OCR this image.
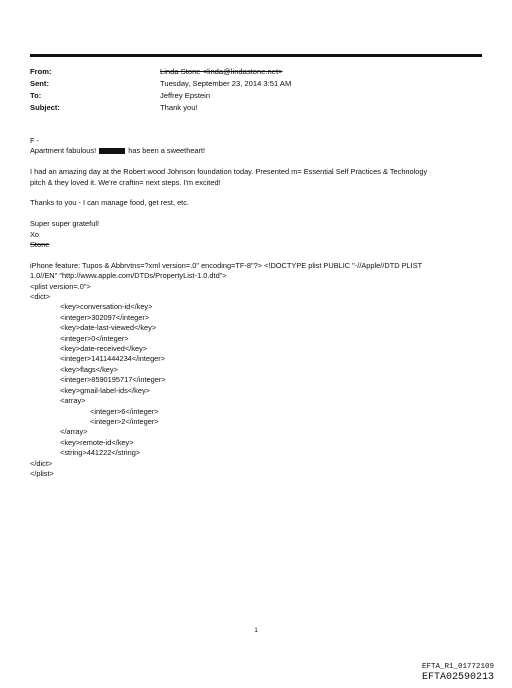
From:	Linda Stone <linda@lindastone.net>
Sent:	Tuesday, September 23, 2014 3:51 AM
To:	Jeffrey Epstein
Subject:	Thank you!

F -

Apartment fabulous!	has been a sweetheart!

I had an amazing day at the Robert wood Johnson foundation today. Presented m= Essential Self Practices & Technology

pitch & they loved it. We're craftin= next steps. I'm excited!

Thanks to you - I can manage food, get rest, etc.

Super super grateful!

Xo

Stone

iPhone feature: Tupos & Abbrvtns=?xml version=.0" encoding=TF-8"?> <!DOCTYPE plist PUBLIC "-//Apple//DTD PLIST

1.0//EN" "http://www.apple.com/DTDs/PropertyList-1.0.dtd">

<plist version=.0">

<dict>

<key>conversation-id</key>

<integer>302097</integer>

<key>date-last-viewed</key>

<integer>0</integer>

<key>date-received</key>

<integer>1411444234</integer>

<key>flags</key>

<integer>8590195717</integer>

<key>gmail-label-ids</key>

<array>

<integer>6</integer>

<integer>2</integer>

</array>

<key>remote-id</key>

<string>441222</string>

</dict>

</plist>

1
EFTA_R1_01772109
EFTA02590213
